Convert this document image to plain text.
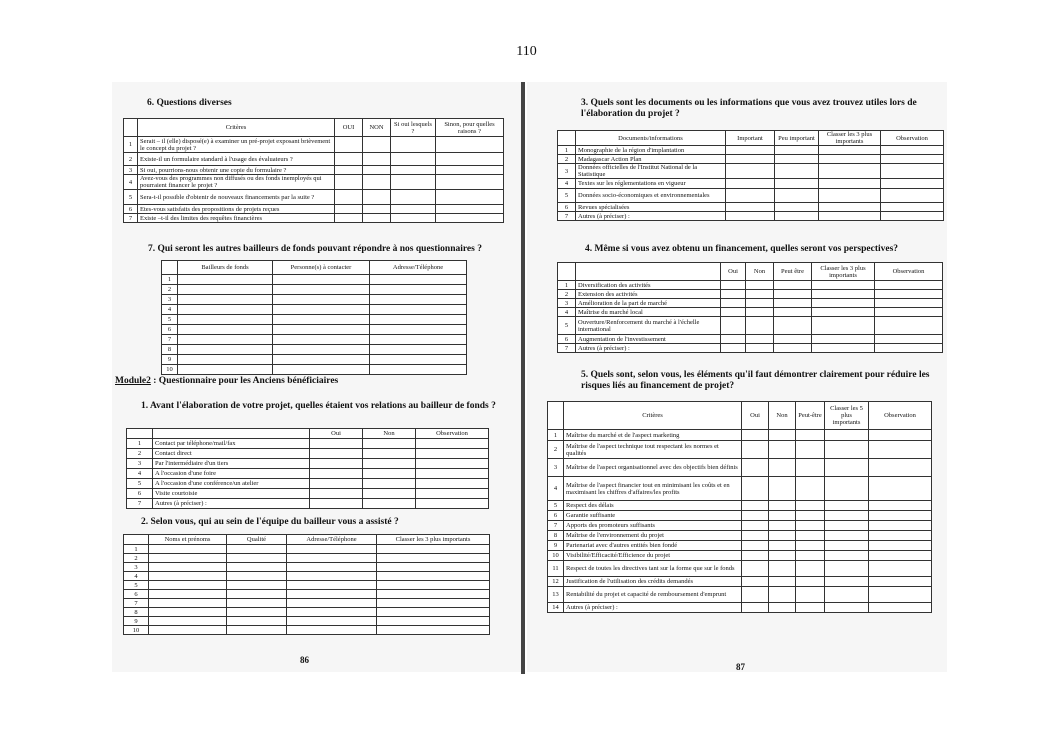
110
6. Questions diverses
	Critères	OUI	NON	Si oui lesquels ?	Sinon, pour quelles raisons ?
1	Serait – il (elle) disposé(e) à examiner un pré-projet exposant brièvement le concept du projet ?				
2	Existe-il un formulaire standard à l'usage des évaluateurs ?				
3	Si oui, pourrions-nous obtenir une copie du formulaire ?				
4	Avez-vous des programmes non diffusés ou des fonds inemployés qui pourraient financer le projet ?				
5	Sera-t-il possible d'obtenir de nouveaux financements par la suite ?				
6	Etes-vous satisfaits des propositions de projets reçues				
7	Existe –t-il des limites des requêtes financières				
7. Qui seront les autres bailleurs de fonds pouvant répondre à nos questionnaires ?
	Bailleurs de fonds	Personne(s) à contacter	Adresse/Téléphone
1			
2			
3			
4			
5			
6			
7			
8			
9			
10			
Module2 : Questionnaire pour les Anciens bénéficiaires
1. Avant l'élaboration de votre projet, quelles étaient vos relations au bailleur de fonds ?
		Oui	Non	Observation
1	Contact par téléphone/mail/fax			
2	Contact direct			
3	Par l'intermédiaire d'un tiers			
4	A l'occasion d'une foire			
5	A l'occasion d'une conférence/un atelier			
6	Visite courtoisie			
7	Autres (à préciser) :			
2. Selon vous, qui au sein de l'équipe du bailleur vous a assisté ?
	Noms et prénoms	Qualité	Adresse/Téléphone	Classer les 3 plus importants
1				
2				
3				
4				
5				
6				
7				
8				
9				
10				
86
3. Quels sont les documents ou les informations que vous avez trouvez utiles lors de l'élaboration du projet ?
	Documents/informations	Important	Peu important	Classer les 3 plus importants	Observation
1	Monographie de la région d'implantation				
2	Madagascar Action Plan				
3	Données officielles de l'Institut National de la Statistique				
4	Textes sur les réglementations en vigueur				
5	Données socio-économiques et environnementales				
6	Revues spécialisées				
7	Autres (à préciser) :				
4. Même si vous avez obtenu un financement, quelles seront vos perspectives?
		Oui	Non	Peut être	Classer les 3 plus importants	Observation
1	Diversification des activités					
2	Extension des activités					
3	Amélioration de la part de marché					
4	Maîtrise du marché local					
5	Ouverture/Renforcement du marché à l'échelle international					
6	Augmentation de l'investissement					
7	Autres (à préciser) :					
5. Quels sont, selon vous, les éléments qu'il faut démontrer clairement pour réduire les risques liés au financement de projet?
	Critères	Oui	Non	Peut-être	Classer les 5 plus importants	Observation
1	Maîtrise du marché et de l'aspect marketing					
2	Maîtrise de l'aspect technique tout respectant les normes et qualités					
3	Maîtrise de l'aspect organisationnel avec des objectifs bien définis					
4	Maîtrise de l'aspect financier tout en minimisant les coûts et en maximisant les chiffres d'affaires/les profits					
5	Respect des délais					
6	Garantie suffisante					
7	Apports des promoteurs suffisants					
8	Maîtrise de l'environnement du projet					
9	Partenariat avec d'autres entités bien fondé					
10	Visibilité/Efficacité/Efficience du projet					
11	Respect de toutes les directives tant sur la forme que sur le fonds					
12	Justification de l'utilisation des crédits demandés					
13	Rentabilité du projet et capacité de remboursement d'emprunt					
14	Autres (à préciser) :					
87
